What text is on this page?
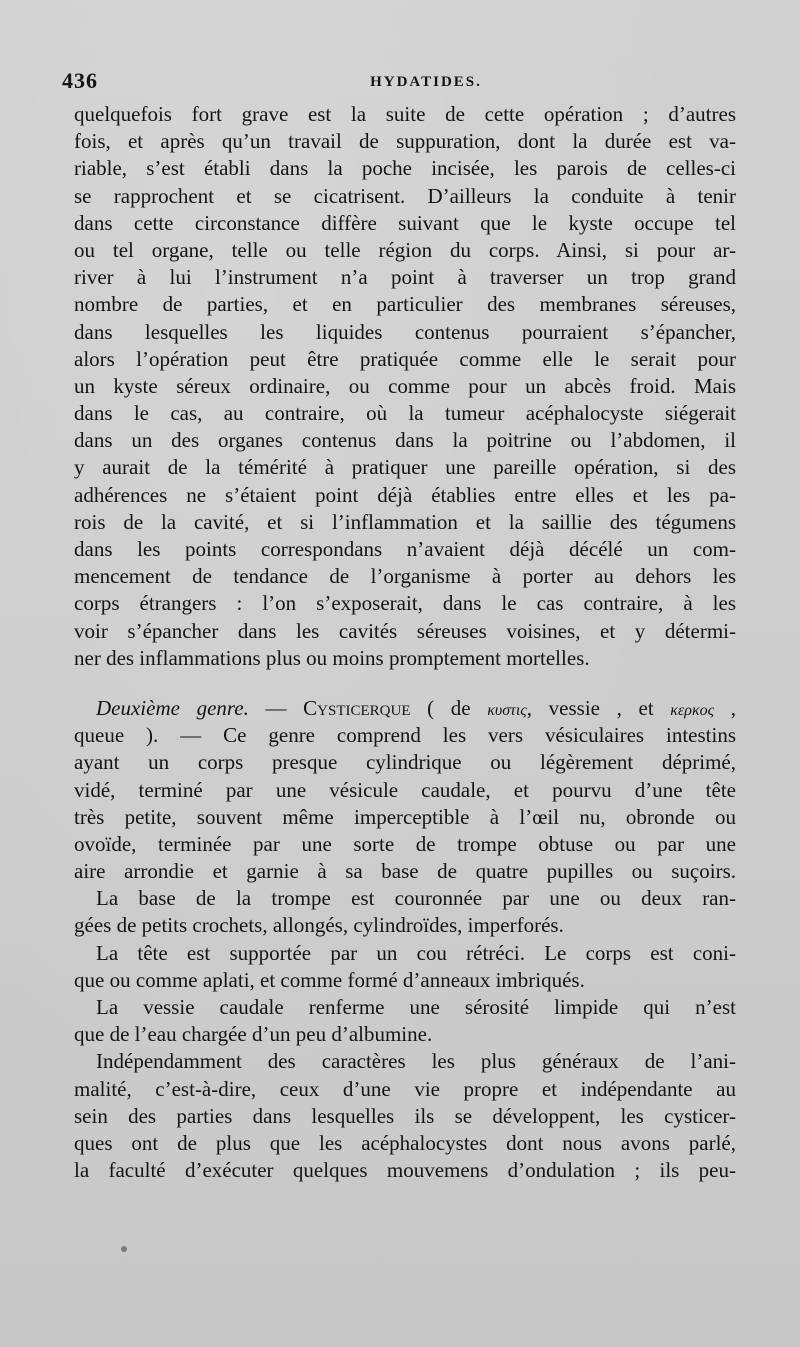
436	HYDATIDES.
quelquefois fort grave est la suite de cette opération ; d’autres
fois, et après qu’un travail de suppuration, dont la durée est va-
riable, s’est établi dans la poche incisée, les parois de celles-ci
se rapprochent et se cicatrisent. D’ailleurs la conduite à tenir
dans cette circonstance diffère suivant que le kyste occupe tel
ou tel organe, telle ou telle région du corps. Ainsi, si pour ar-
river à lui l’instrument n’a point à traverser un trop grand
nombre de parties, et en particulier des membranes séreuses,
dans lesquelles les liquides contenus pourraient s’épancher,
alors l’opération peut être pratiquée comme elle le serait pour
un kyste séreux ordinaire, ou comme pour un abcès froid. Mais
dans le cas, au contraire, où la tumeur acéphalocyste siégerait
dans un des organes contenus dans la poitrine ou l’abdomen, il
y aurait de la témérité à pratiquer une pareille opération, si des
adhérences ne s’étaient point déjà établies entre elles et les pa-
rois de la cavité, et si l’inflammation et la saillie des tégumens
dans les points correspondans n’avaient déjà décélé un com-
mencement de tendance de l’organisme à porter au dehors les
corps étrangers : l’on s’exposerait, dans le cas contraire, à les
voir s’épancher dans les cavités séreuses voisines, et y détermi-
ner des inflammations plus ou moins promptement mortelles.
Deuxième genre. — Cysticerque ( de κυστις, vessie , et κερκος ,
queue ). — Ce genre comprend les vers vésiculaires intestins
ayant un corps presque cylindrique ou légèrement déprimé,
vidé, terminé par une vésicule caudale, et pourvu d’une tête
très petite, souvent même imperceptible à l’œil nu, obronde ou
ovoïde, terminée par une sorte de trompe obtuse ou par une
aire arrondie et garnie à sa base de quatre pupilles ou suçoirs.
La base de la trompe est couronnée par une ou deux ran-
gées de petits crochets, allongés, cylindroïdes, imperforés.
La tête est supportée par un cou rétréci. Le corps est coni-
que ou comme aplati, et comme formé d’anneaux imbriqués.
La vessie caudale renferme une sérosité limpide qui n’est
que de l’eau chargée d’un peu d’albumine.
Indépendamment des caractères les plus généraux de l’ani-
malité, c’est-à-dire, ceux d’une vie propre et indépendante au
sein des parties dans lesquelles ils se développent, les cysticer-
ques ont de plus que les acéphalocystes dont nous avons parlé,
la faculté d’exécuter quelques mouvemens d’ondulation ; ils peu-
